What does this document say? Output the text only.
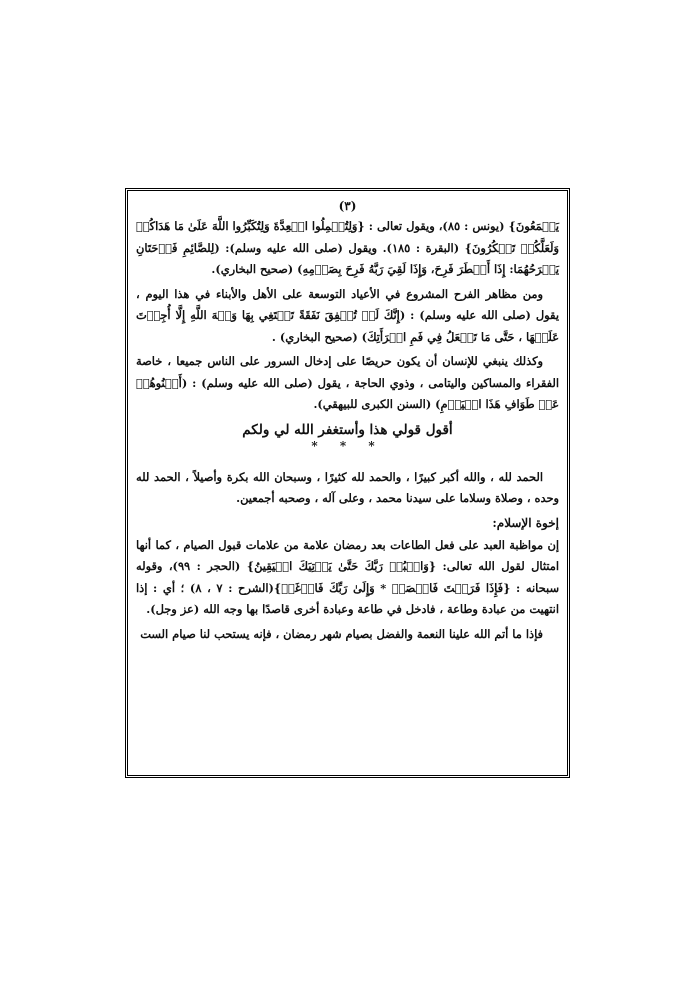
(٣)

يَجۡمَعُونَ} (يونس : ٨٥)، ويقول تعالى : {وَلِتُكۡمِلُوا الۡعِدَّةَ وَلِتُكَبِّرُوا اللَّهَ عَلَىٰ مَا هَدَاكُمۡ وَلَعَلَّكُمۡ تَشۡكُرُونَ} (البقرة : ١٨٥). ويقول (صلى الله عليه وسلم): (لِلصَّائِمِ فَرۡحَتَانِ يَفۡرَحُهُمَا: إِذَا أَفۡطَرَ فَرِحَ، وَإِذَا لَقِيَ رَبَّهُ فَرِحَ بِصَوۡمِهِ) (صحيح البخاري).

ومن مظاهر الفرح المشروع في الأعياد التوسعة على الأهل والأبناء في هذا اليوم ، يقول (صلى الله عليه وسلم) : (إِنَّكَ لَنۡ تُنۡفِقَ نَفَقَةً تَبۡتَغِي بِهَا وَجۡهَ اللَّهِ إِلَّا أُجِرۡتَ عَلَيۡهَا ، حَتَّى مَا تَجۡعَلُ فِي فَمِ امۡرَأَتِكَ) (صحيح البخاري) .

وكذلك ينبغي للإنسان أن يكون حريصًا على إدخال السرور على الناس جميعا ، خاصة الفقراء والمساكين واليتامى ، وذوي الحاجة ، يقول (صلى الله عليه وسلم) : (أَغۡنُوهُمۡ عَنۡ طَوَافِ هَذَا الۡيَوۡمِ) (السنن الكبرى للبيهقي).

أقول قولي هذا وأستغفر الله لي ولكم
* * *

الحمد لله ، والله أكبر كبيرًا ، والحمد لله كثيرًا ، وسبحان الله بكرة وأصيلاً ، الحمد لله وحده ، وصلاة وسلاما على سيدنا محمد ، وعلى آله ، وصحبه أجمعين.

إخوة الإسلام:

إن مواظبة العبد على فعل الطاعات بعد رمضان علامة من علامات قبول الصيام ، كما أنها امتثال لقول الله تعالى: {وَاعۡبُدۡ رَبَّكَ حَتَّىٰ يَأۡتِيَكَ الۡيَقِينُ} (الحجر : ٩٩)، وقوله سبحانه : {فَإِذَا فَرَغۡتَ فَانۡصَبۡ * وَإِلَىٰ رَبِّكَ فَارۡغَبۡ}(الشرح : ٧ ، ٨) ؛ أي : إذا انتهيت من عبادة وطاعة ، فادخل في طاعة وعبادة أخرى قاصدًا بها وجه الله (عز وجل).

فإذا ما أتم الله علينا النعمة والفضل بصيام شهر رمضان ، فإنه يستحب لنا صيام الست
